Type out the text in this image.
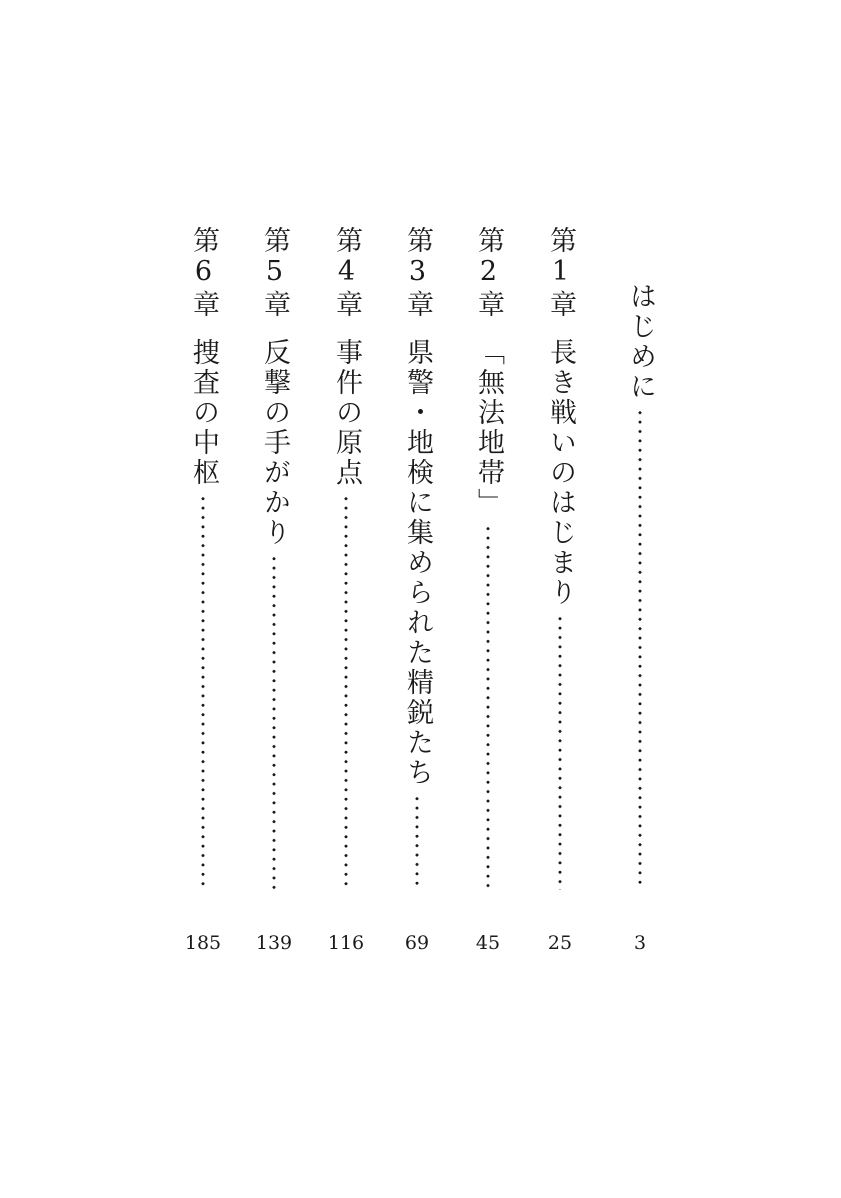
はじめに
3
第1章
長き戦いのはじまり
25
第2章
「無法地帯」
45
第3章
県警・地検に集められた精鋭たち
69
第4章
事件の原点
116
第5章
反撃の手がかり
139
第6章
捜査の中枢
185
